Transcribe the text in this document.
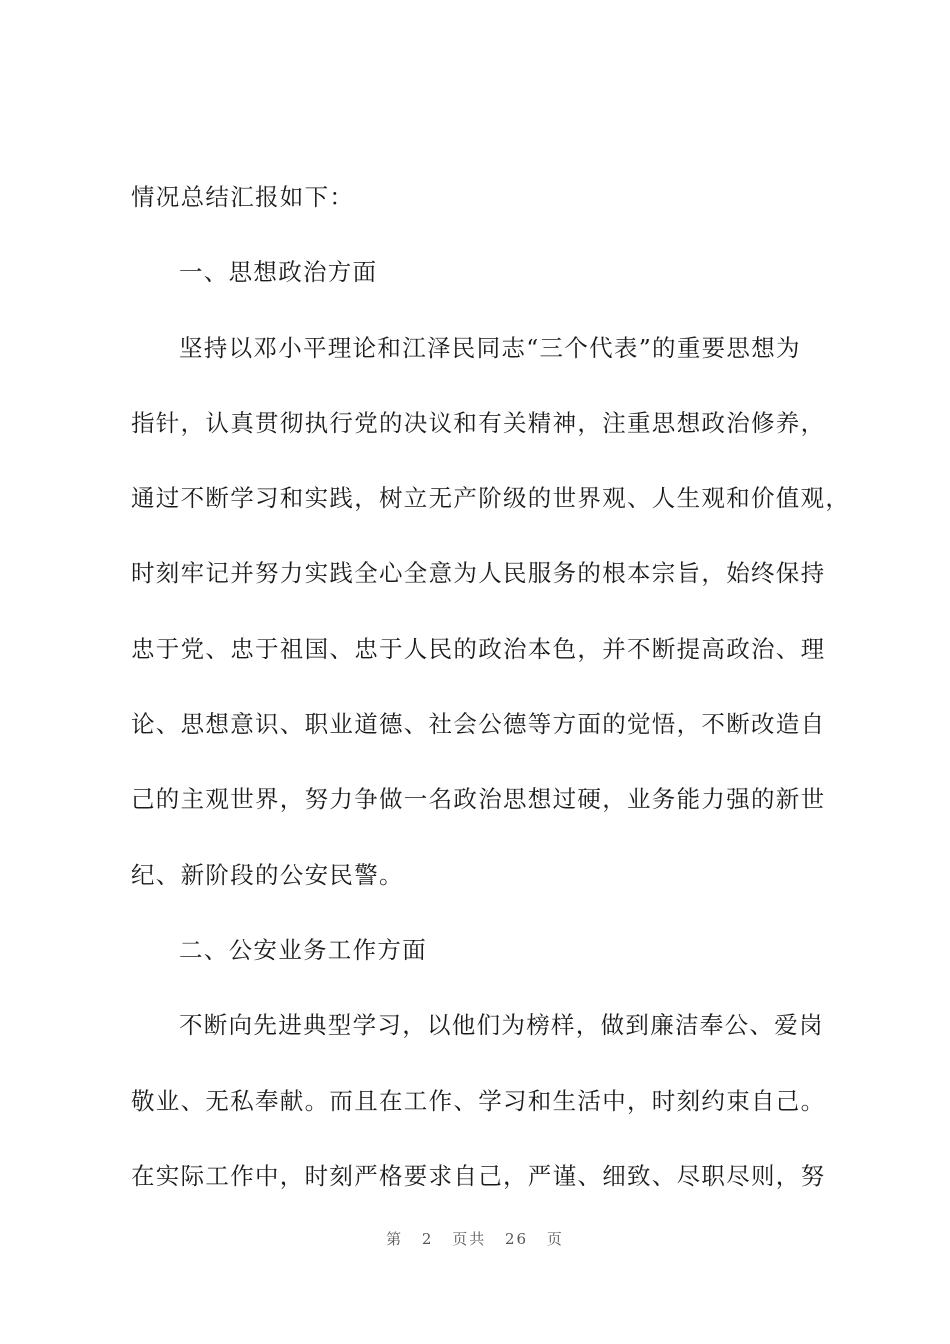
情况总结汇报如下：
一、思想政治方面
坚持以邓小平理论和江泽民同志“三个代表”的重要思想为
指针，认真贯彻执行党的决议和有关精神，注重思想政治修养，
通过不断学习和实践，树立无产阶级的世界观、人生观和价值观，
时刻牢记并努力实践全心全意为人民服务的根本宗旨，始终保持
忠于党、忠于祖国、忠于人民的政治本色，并不断提高政治、理
论、思想意识、职业道德、社会公德等方面的觉悟，不断改造自
己的主观世界，努力争做一名政治思想过硬，业务能力强的新世
纪、新阶段的公安民警。
二、公安业务工作方面
不断向先进典型学习，以他们为榜样，做到廉洁奉公、爱岗
敬业、无私奉献。而且在工作、学习和生活中，时刻约束自己。
在实际工作中，时刻严格要求自己，严谨、细致、尽职尽则，努
第 2 页共 26 页
